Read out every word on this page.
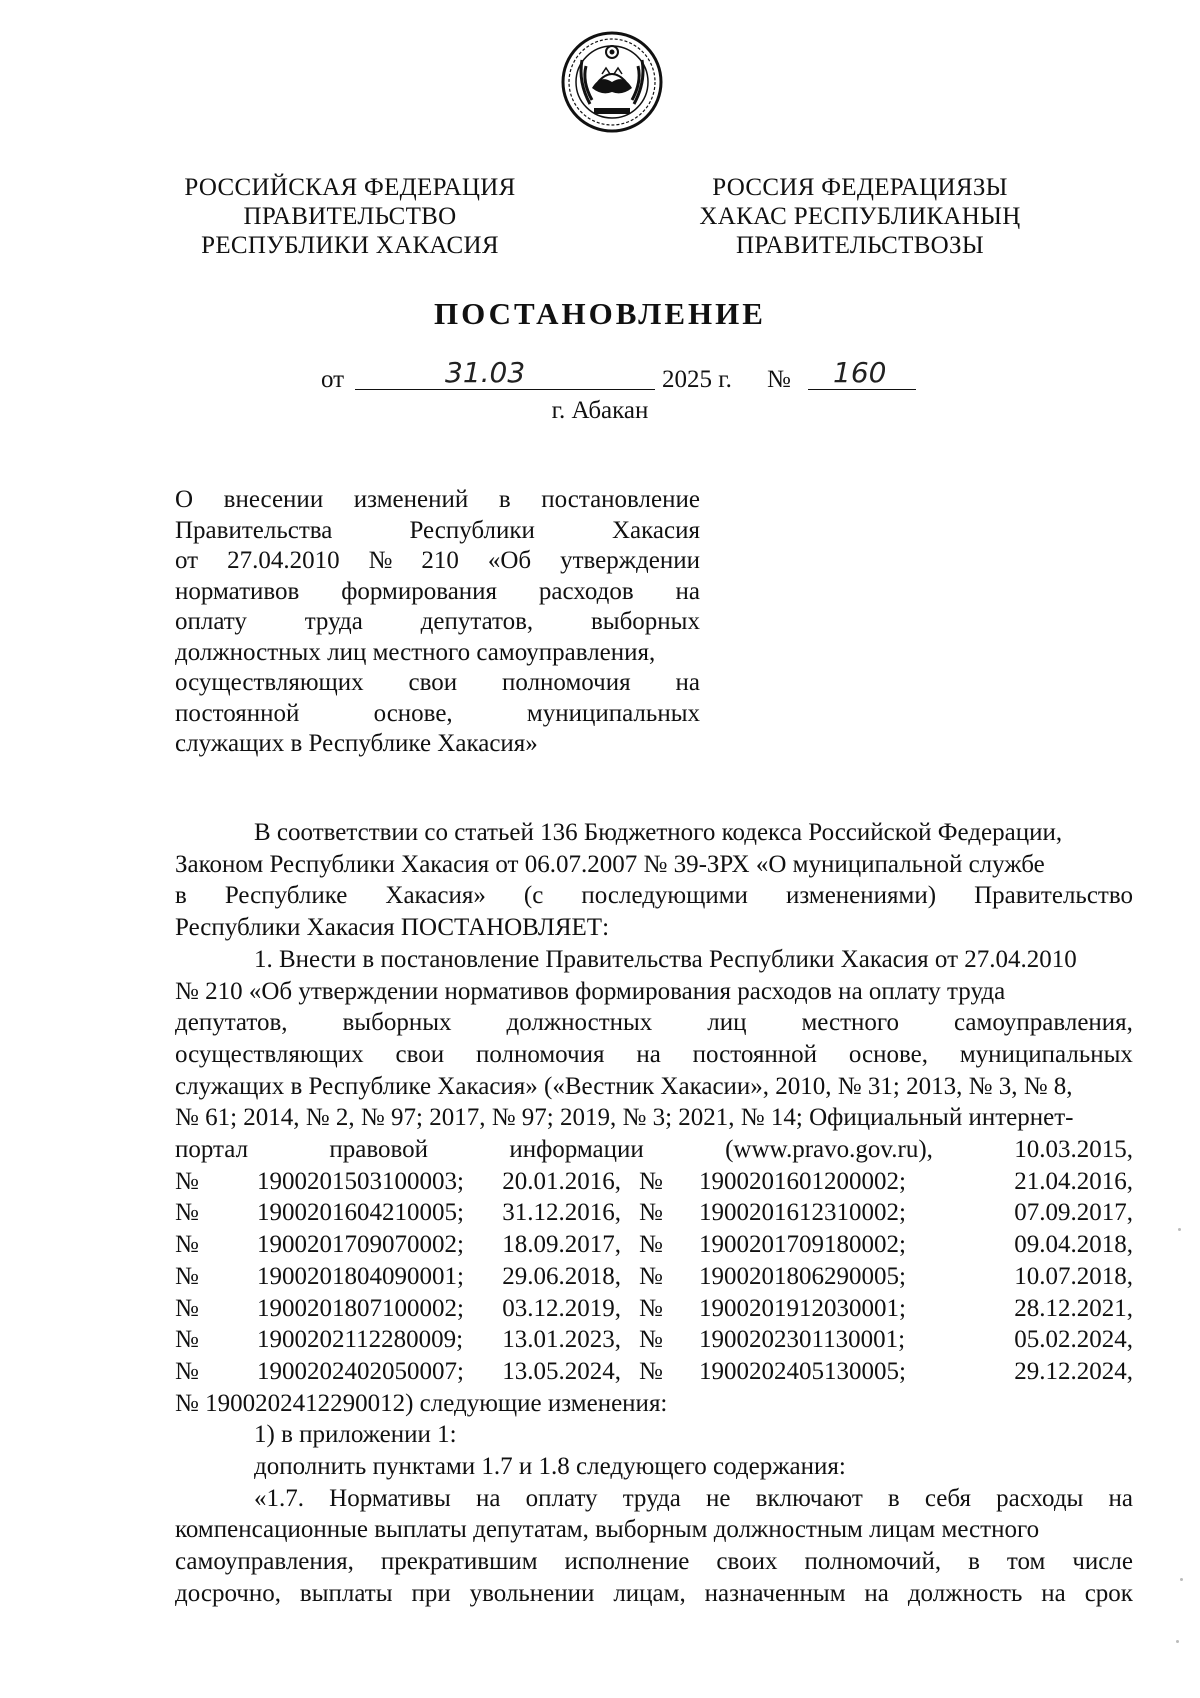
РОССИЙСКАЯ ФЕДЕРАЦИЯ
ПРАВИТЕЛЬСТВО
РЕСПУБЛИКИ ХАКАСИЯ
РОССИЯ ФЕДЕРАЦИЯЗЫ
ХАКАС РЕСПУБЛИКАНЫҢ
ПРАВИТЕЛЬСТВОЗЫ
ПОСТАНОВЛЕНИЕ
от	31.03	2025 г. № 160
г. Абакан
О внесении изменений в постановление
Правительства	Республики	Хакасия
от 27.04.2010 № 210 «Об утверждении
нормативов формирования расходов на
оплату труда депутатов, выборных
должностных лиц местного самоуправления,
осуществляющих свои полномочия на
постоянной	основе,	муниципальных
служащих в Республике Хакасия»
В соответствии со статьей 136 Бюджетного кодекса Российской Федерации,
Законом Республики Хакасия от 06.07.2007 № 39-ЗРХ «О муниципальной службе
в Республике Хакасия» (с последующими изменениями) Правительство
Республики Хакасия ПОСТАНОВЛЯЕТ:
1. Внести в постановление Правительства Республики Хакасия от 27.04.2010
№ 210 «Об утверждении нормативов формирования расходов на оплату труда
депутатов, выборных должностных лиц местного самоуправления,
осуществляющих свои полномочия на постоянной основе, муниципальных
служащих в Республике Хакасия» («Вестник Хакасии», 2010, № 31; 2013, № 3, № 8,
№ 61; 2014, № 2, № 97; 2017, № 97; 2019, № 3; 2021, № 14; Официальный интернет-
портал	правовой	информации	(www.pravo.gov.ru),	10.03.2015,
№	1900201503100003;	20.01.2016, №	1900201601200002;	21.04.2016,
№	1900201604210005;	31.12.2016, №	1900201612310002;	07.09.2017,
№	1900201709070002;	18.09.2017, №	1900201709180002;	09.04.2018,
№	1900201804090001;	29.06.2018, №	1900201806290005;	10.07.2018,
№	1900201807100002;	03.12.2019, №	1900201912030001;	28.12.2021,
№	1900202112280009;	13.01.2023, №	1900202301130001;	05.02.2024,
№	1900202402050007;	13.05.2024, №	1900202405130005;	29.12.2024,
№ 1900202412290012) следующие изменения:
1) в приложении 1:
дополнить пунктами 1.7 и 1.8 следующего содержания:
«1.7. Нормативы на оплату труда не включают в себя расходы на
компенсационные выплаты депутатам, выборным должностным лицам местного
самоуправления, прекратившим исполнение своих полномочий, в том числе
досрочно, выплаты при увольнении лицам, назначенным на должность на срок
